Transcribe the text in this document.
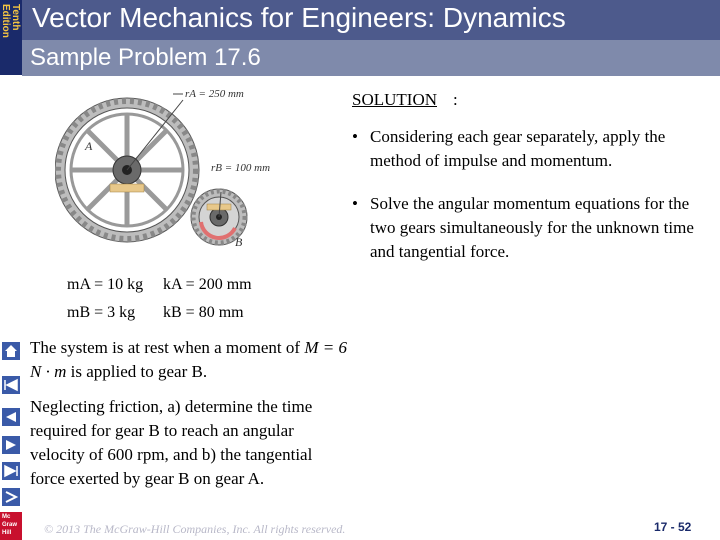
Tenth
Edition Vector Mechanics for Engineers: Dynamics
Sample Problem 17.6
rA = 250 mm
A
rB = 100 mm
B
mA = 10 kg kA = 200 mm
mB = 3 kg kB = 80 mm
SOLUTION :
• Considering each gear separately, apply the method of impulse and momentum.
• Solve the angular momentum equations for the two gears simultaneously for the unknown time and tangential force.
The system is at rest when a moment of M = 6 N · m is applied to gear B.
Neglecting friction, a) determine the time required for gear B to reach an angular velocity of 600 rpm, and b) the tangential force exerted by gear B on gear A.
© 2013 The McGraw-Hill Companies, Inc. All rights reserved.	17 - 52
Mc
Graw
Hill
